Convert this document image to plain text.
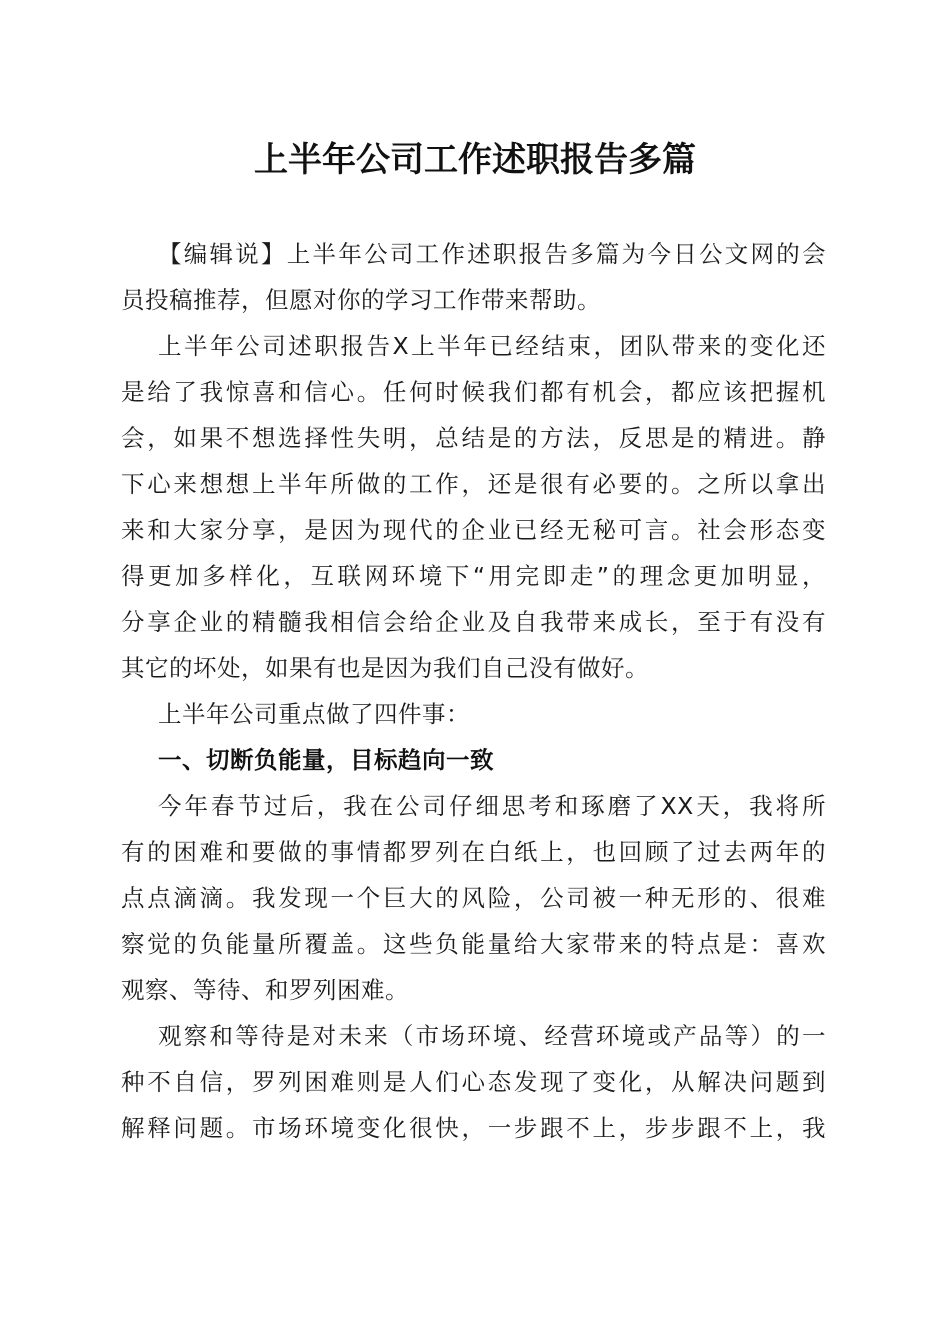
上半年公司工作述职报告多篇
【编辑说】上半年公司工作述职报告多篇为今日公文网的会
员投稿推荐，但愿对你的学习工作带来帮助。
上半年公司述职报告X上半年已经结束，团队带来的变化还
是给了我惊喜和信心。任何时候我们都有机会，都应该把握机
会，如果不想选择性失明，总结是的方法，反思是的精进。静
下心来想想上半年所做的工作，还是很有必要的。之所以拿出
来和大家分享，是因为现代的企业已经无秘可言。社会形态变
得更加多样化，互联网环境下“用完即走”的理念更加明显，
分享企业的精髓我相信会给企业及自我带来成长，至于有没有
其它的坏处，如果有也是因为我们自己没有做好。
上半年公司重点做了四件事：
一、切断负能量，目标趋向一致
今年春节过后，我在公司仔细思考和琢磨了XX天，我将所
有的困难和要做的事情都罗列在白纸上，也回顾了过去两年的
点点滴滴。我发现一个巨大的风险，公司被一种无形的、很难
察觉的负能量所覆盖。这些负能量给大家带来的特点是：喜欢
观察、等待、和罗列困难。
观察和等待是对未来（市场环境、经营环境或产品等）的一
种不自信，罗列困难则是人们心态发现了变化，从解决问题到
解释问题。市场环境变化很快，一步跟不上，步步跟不上，我
